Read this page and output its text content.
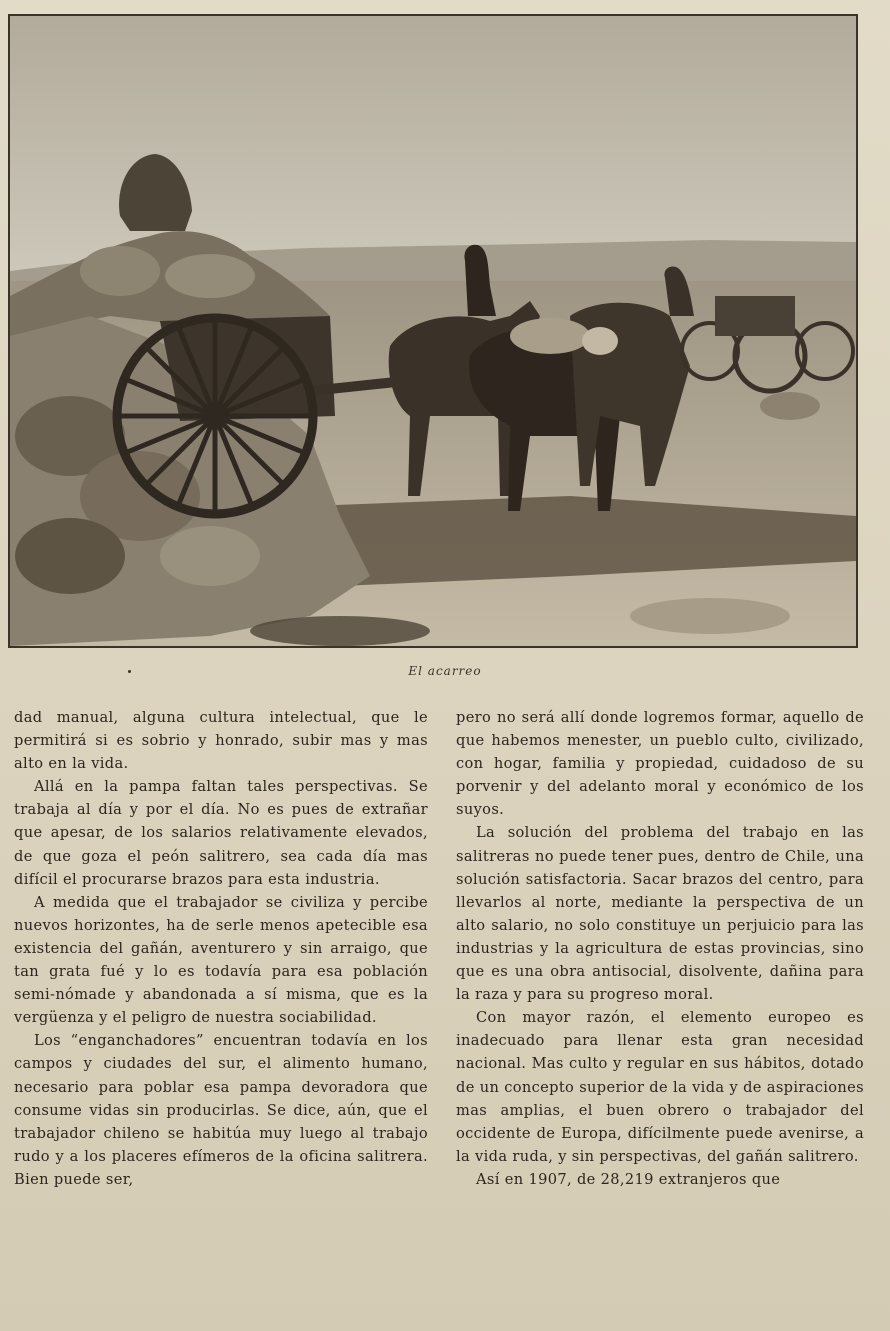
El acarreo

dad manual, alguna cultura intelectual, que le permitirá si es sobrio y honrado, subir mas y mas alto en la vida.

Allá en la pampa faltan tales perspectivas. Se trabaja al día y por el día. No es pues de extrañar que apesar, de los salarios relativamente elevados, de que goza el peón salitrero, sea cada día mas difícil el procurarse brazos para esta industria.

A medida que el trabajador se civiliza y percibe nuevos horizontes, ha de serle menos apetecible esa existencia del gañán, aventurero y sin arraigo, que tan grata fué y lo es todavía para esa población semi-nómade y abandonada a sí misma, que es la vergüenza y el peligro de nuestra sociabilidad.

Los “enganchadores” encuentran todavía en los campos y ciudades del sur, el alimento humano, necesario para poblar esa pampa devoradora que consume vidas sin producirlas. Se dice, aún, que el trabajador chileno se habitúa muy luego al trabajo rudo y a los placeres efímeros de la oficina salitrera. Bien puede ser,

pero no será allí donde logremos formar, aquello de que habemos menester, un pueblo culto, civilizado, con hogar, familia y propiedad, cuidadoso de su porvenir y del adelanto moral y económico de los suyos.

La solución del problema del trabajo en las salitreras no puede tener pues, dentro de Chile, una solución satisfactoria. Sacar brazos del centro, para llevarlos al norte, mediante la perspectiva de un alto salario, no solo constituye un perjuicio para las industrias y la agricultura de estas provincias, sino que es una obra antisocial, disolvente, dañina para la raza y para su progreso moral.

Con mayor razón, el elemento europeo es inadecuado para llenar esta gran necesidad nacional. Mas culto y regular en sus hábitos, dotado de un concepto superior de la vida y de aspiraciones mas amplias, el buen obrero o trabajador del occidente de Europa, difícilmente puede avenirse, a la vida ruda, y sin perspectivas, del gañán salitrero.

Así en 1907, de 28,219 extranjeros que
